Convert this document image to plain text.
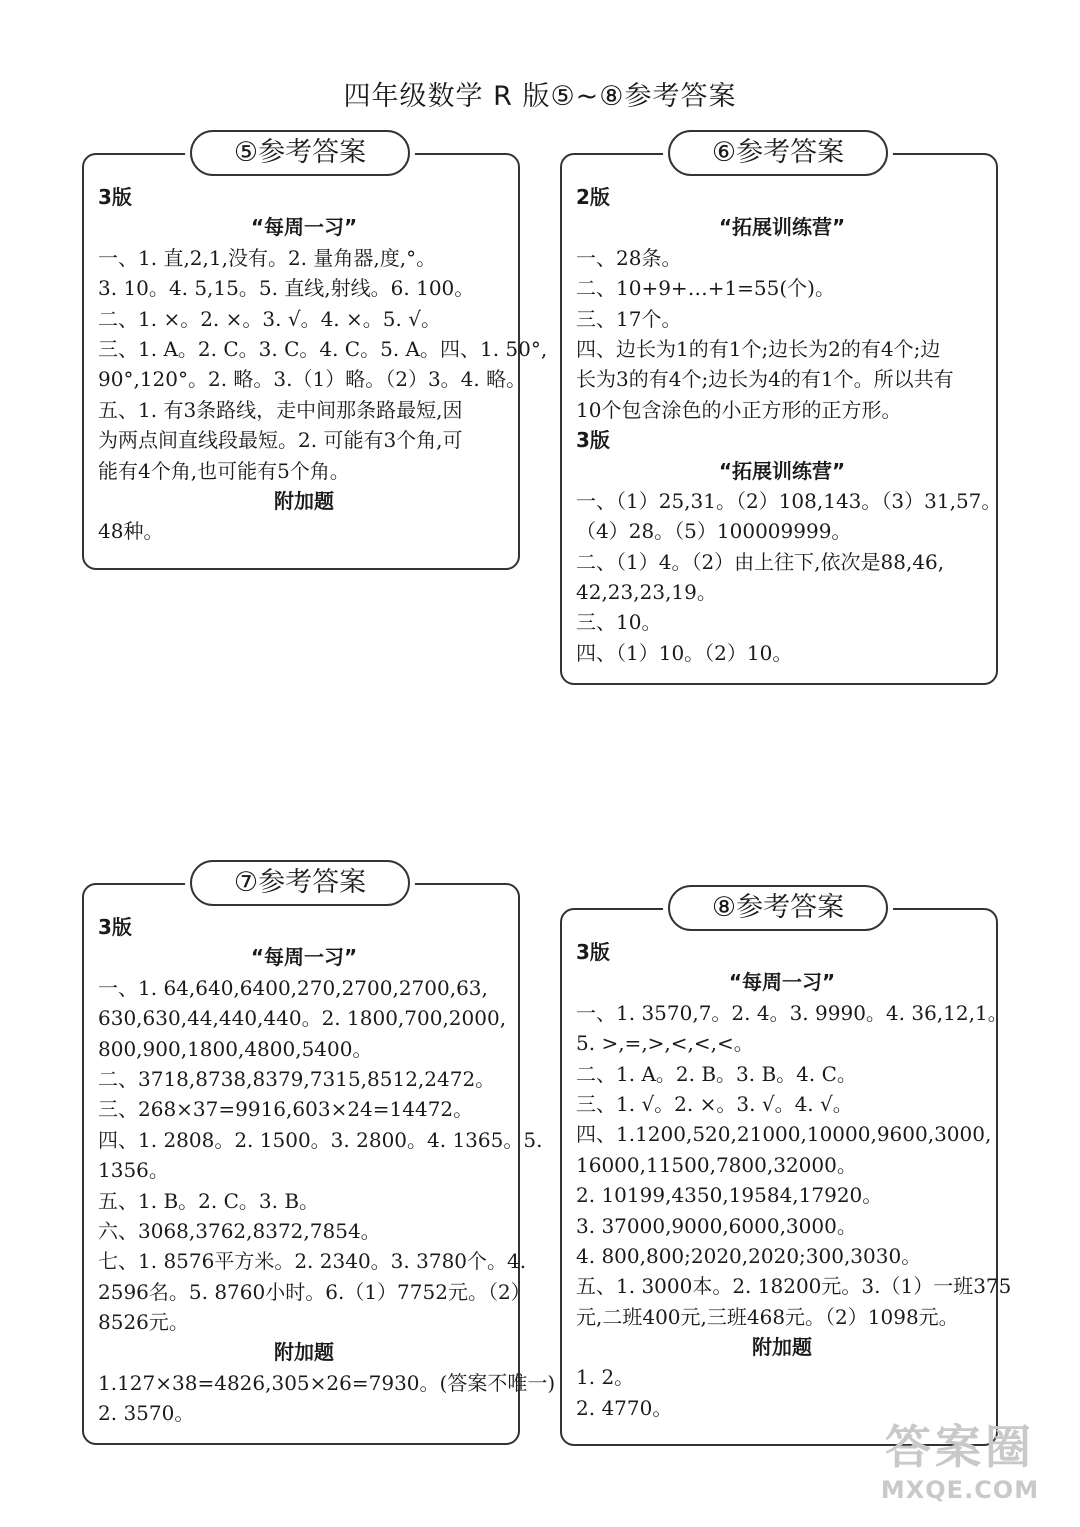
四年级数学 R 版⑤~⑧参考答案
⑤参考答案
3版
“每周一习”
一、1. 直,2,1,没有。2. 量角器,度,°。
3. 10。4. 5,15。5. 直线,射线。6. 100。
二、1. ×。2. ×。3. √。4. ×。5. √。
三、1. A。2. C。3. C。4. C。5. A。四、1. 50°,
90°,120°。2. 略。3.（1）略。（2）3。4. 略。
五、1. 有3条路线，走中间那条路最短,因
为两点间直线段最短。2. 可能有3个角,可
能有4个角,也可能有5个角。
附加题
48种。
⑥参考答案
2版
“拓展训练营”
一、28条。
二、10+9+…+1=55(个)。
三、17个。
四、边长为1的有1个;边长为2的有4个;边
长为3的有4个;边长为4的有1个。所以共有
10个包含涂色的小正方形的正方形。
3版
“拓展训练营”
一、（1）25,31。（2）108,143。（3）31,57。
（4）28。（5）100009999。
二、（1）4。（2）由上往下,依次是88,46,
42,23,23,19。
三、10。
四、（1）10。（2）10。
⑦参考答案
3版
“每周一习”
一、1. 64,640,6400,270,2700,2700,63,
630,630,44,440,440。2. 1800,700,2000,
800,900,1800,4800,5400。
二、3718,8738,8379,7315,8512,2472。
三、268×37=9916,603×24=14472。
四、1. 2808。2. 1500。3. 2800。4. 1365。5.
1356。
五、1. B。2. C。3. B。
六、3068,3762,8372,7854。
七、1. 8576平方米。2. 2340。3. 3780个。4.
2596名。5. 8760小时。6.（1）7752元。（2）
8526元。
附加题
1.127×38=4826,305×26=7930。(答案不唯一)
2. 3570。
⑧参考答案
3版
“每周一习”
一、1. 3570,7。2. 4。3. 9990。4. 36,12,1。
5. >,=,>,<,<,<。
二、1. A。2. B。3. B。4. C。
三、1. √。2. ×。3. √。4. √。
四、1.1200,520,21000,10000,9600,3000,
16000,11500,7800,32000。
2. 10199,4350,19584,17920。
3. 37000,9000,6000,3000。
4. 800,800;2020,2020;300,3030。
五、1. 3000本。2. 18200元。3.（1）一班375
元,二班400元,三班468元。（2）1098元。
附加题
1. 2。
2. 4770。
答案圈
MXQE.COM
